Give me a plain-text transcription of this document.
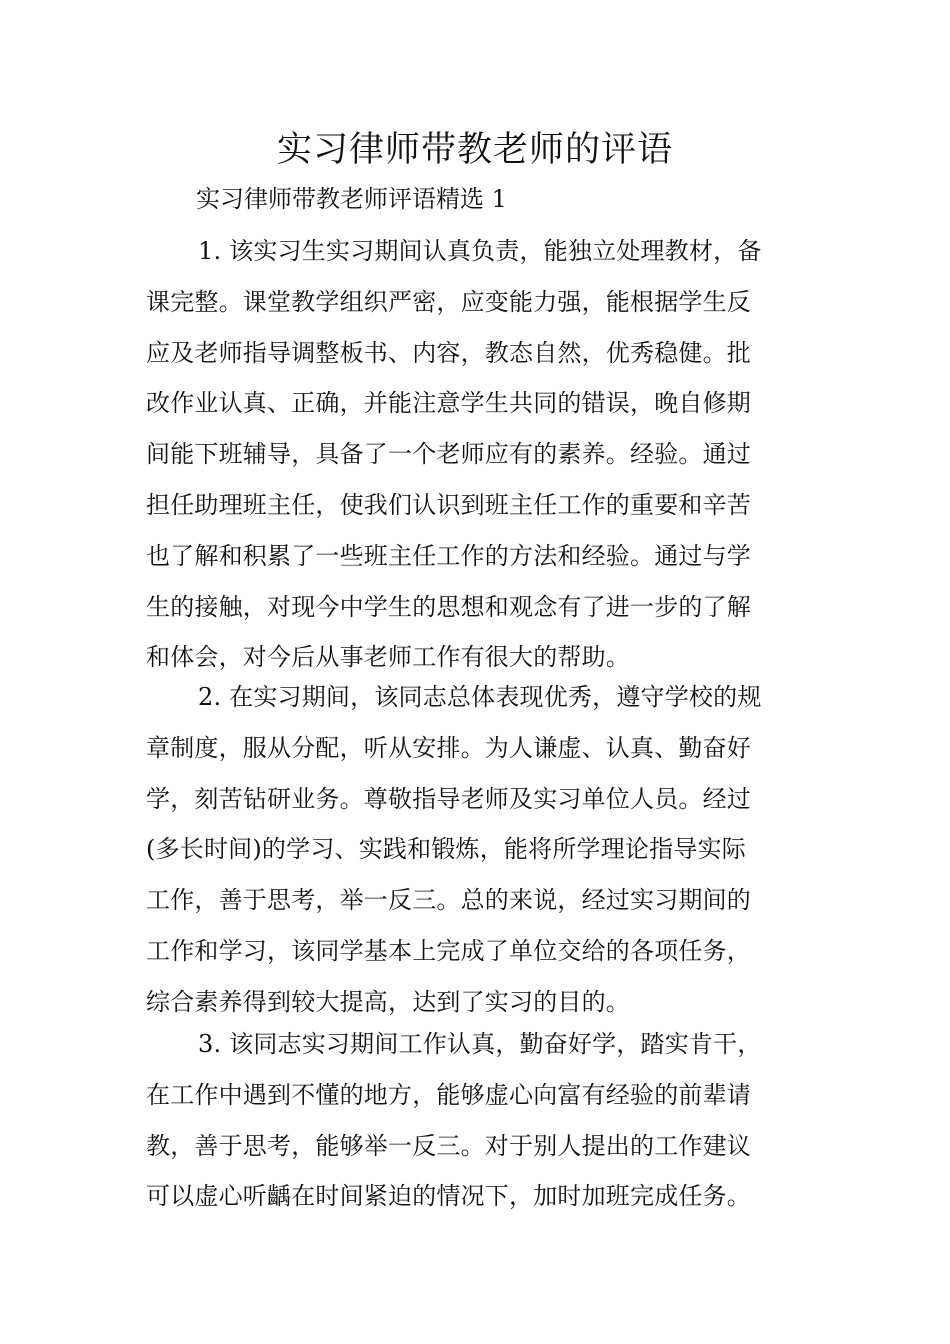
实习律师带教老师的评语

实习律师带教老师评语精选 1

1. 该实习生实习期间认真负责，能独立处理教材，备
课完整。课堂教学组织严密，应变能力强，能根据学生反
应及老师指导调整板书、内容，教态自然，优秀稳健。批
改作业认真、正确，并能注意学生共同的错误，晚自修期
间能下班辅导，具备了一个老师应有的素养。经验。通过
担任助理班主任，使我们认识到班主任工作的重要和辛苦
也了解和积累了一些班主任工作的方法和经验。通过与学
生的接触，对现今中学生的思想和观念有了进一步的了解
和体会，对今后从事老师工作有很大的帮助。

2. 在实习期间，该同志总体表现优秀，遵守学校的规
章制度，服从分配，听从安排。为人谦虚、认真、勤奋好
学，刻苦钻研业务。尊敬指导老师及实习单位人员。经过
(多长时间)的学习、实践和锻炼，能将所学理论指导实际
工作，善于思考，举一反三。总的来说，经过实习期间的
工作和学习，该同学基本上完成了单位交给的各项任务，
综合素养得到较大提高，达到了实习的目的。

3. 该同志实习期间工作认真，勤奋好学，踏实肯干，
在工作中遇到不懂的地方，能够虚心向富有经验的前辈请
教，善于思考，能够举一反三。对于别人提出的工作建议
可以虚心听齲在时间紧迫的情况下，加时加班完成任务。
